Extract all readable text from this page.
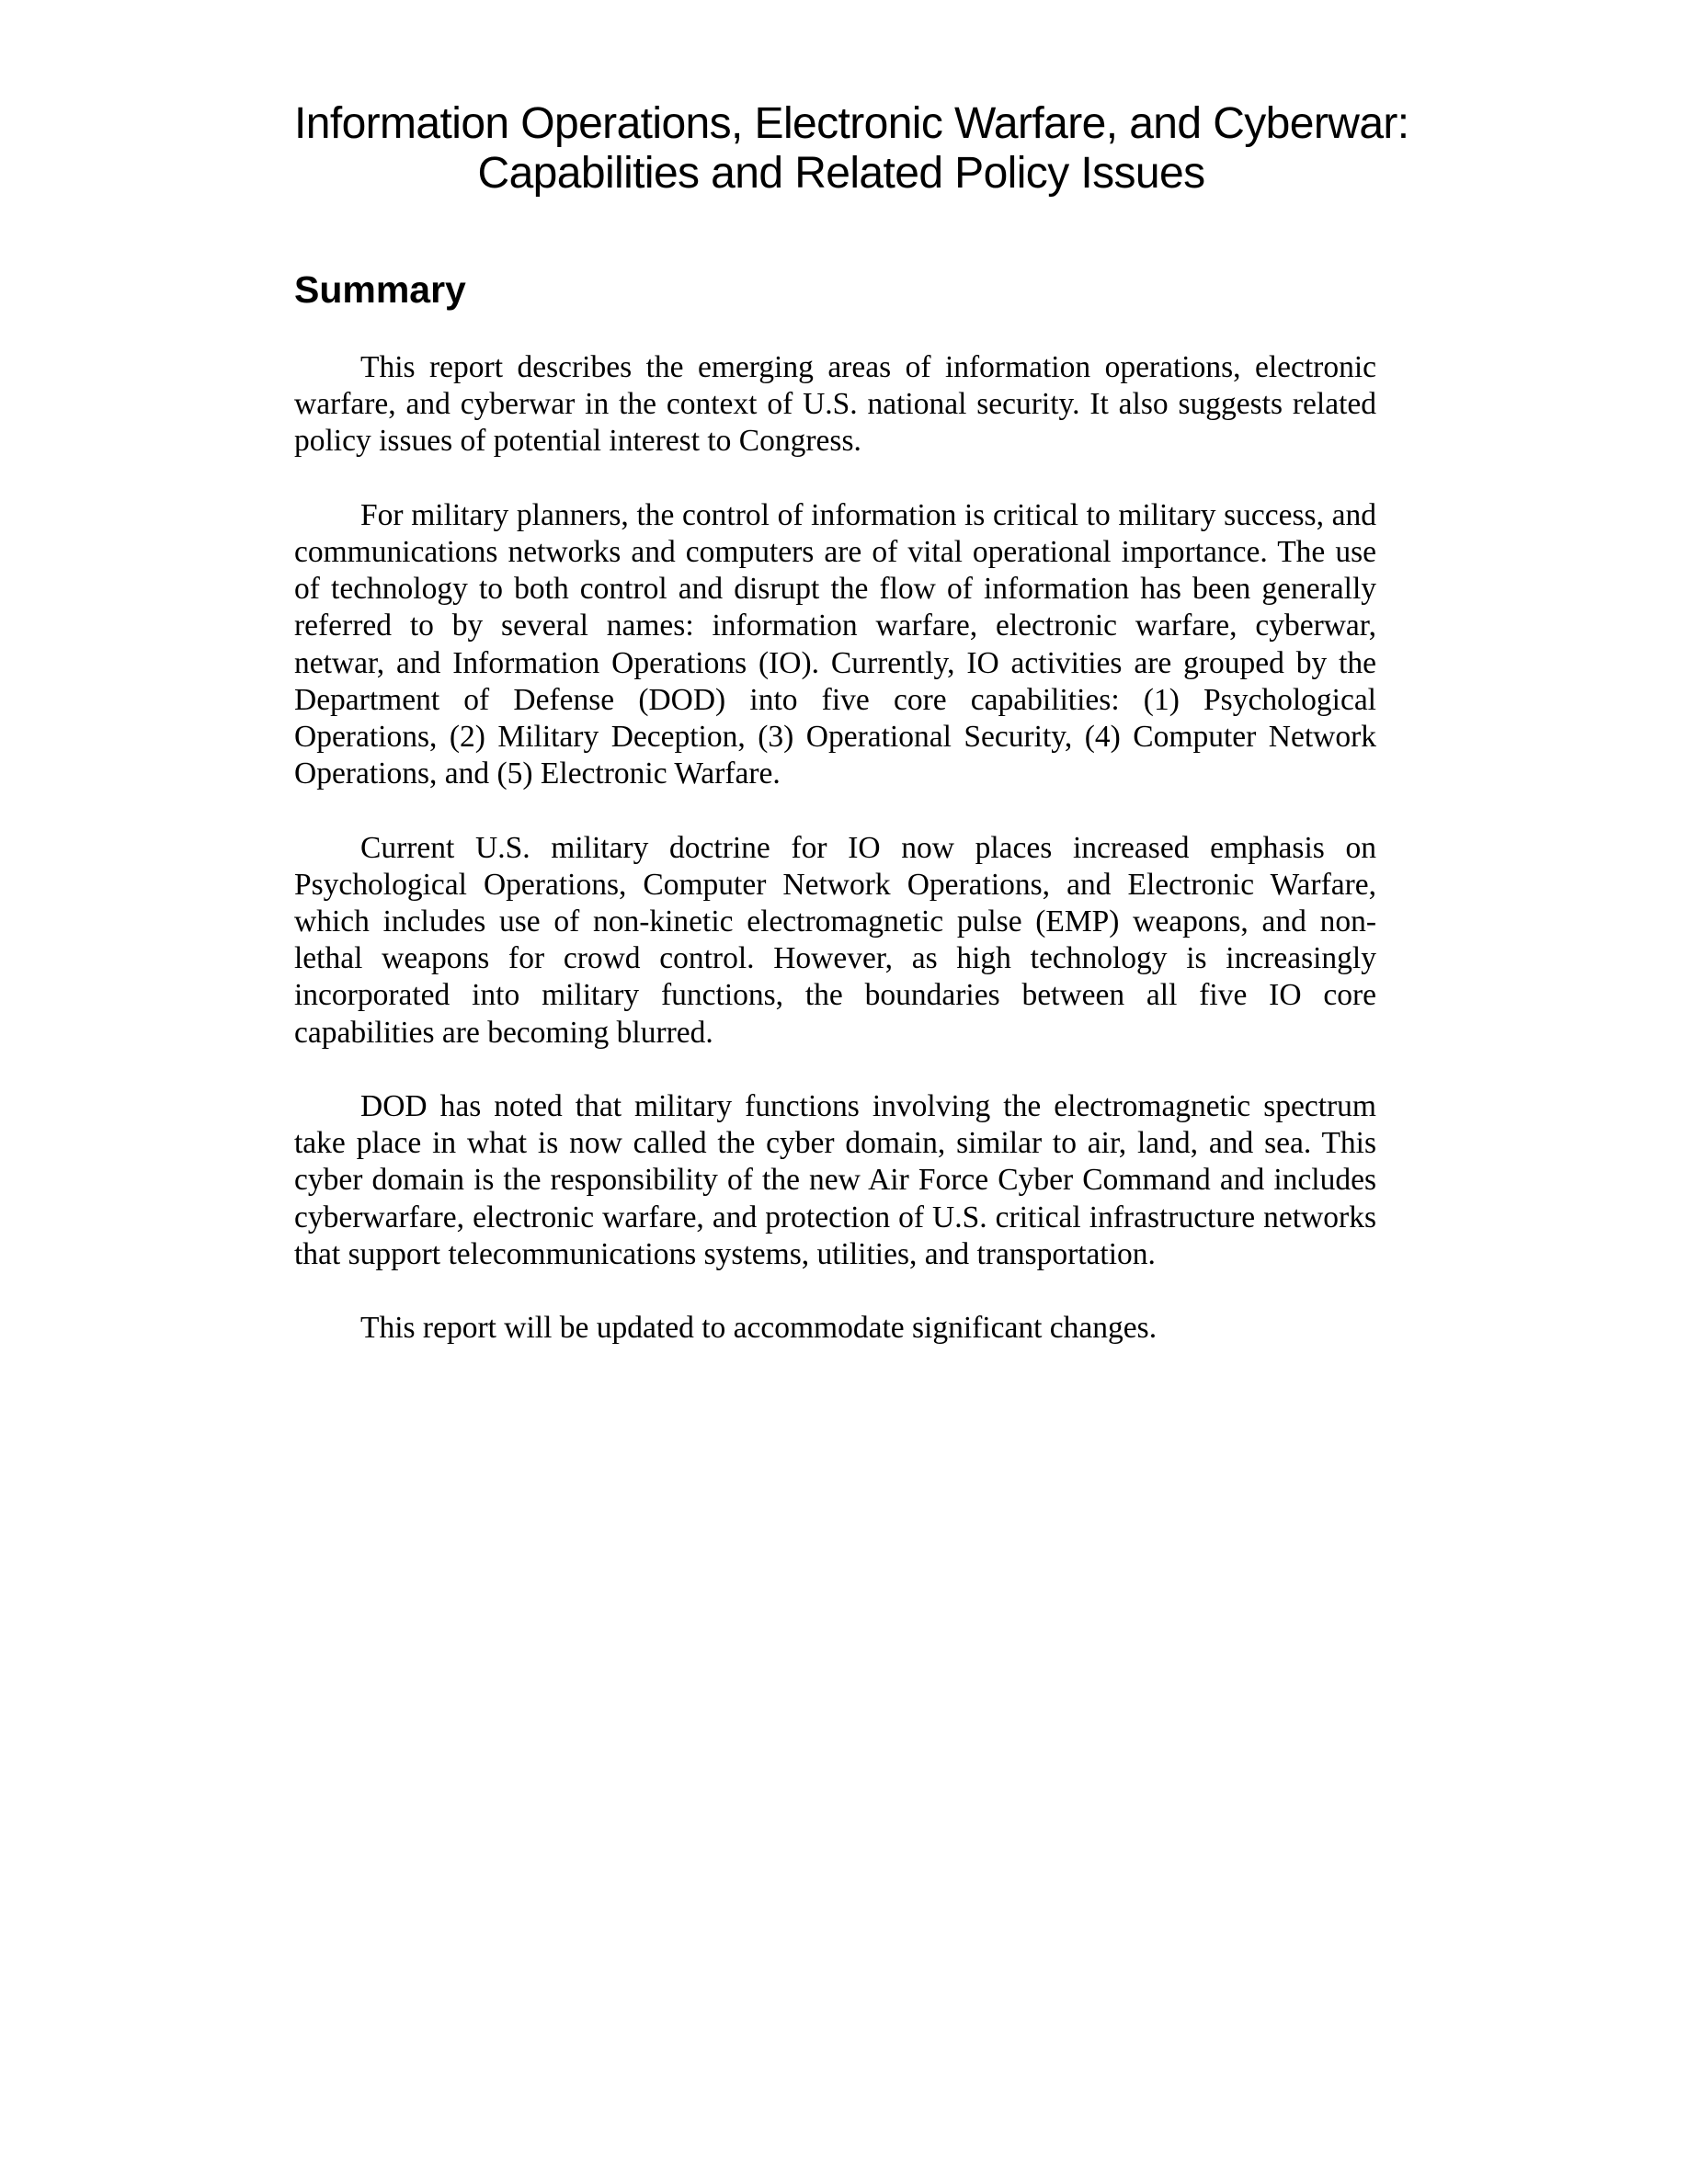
Information Operations, Electronic Warfare, and Cyberwar:
Capabilities and Related Policy Issues
Summary

This report describes the emerging areas of information operations, electronic warfare, and cyberwar in the context of U.S. national security. It also suggests related policy issues of potential interest to Congress.

For military planners, the control of information is critical to military success, and communications networks and computers are of vital operational importance. The use of technology to both control and disrupt the flow of information has been generally referred to by several names: information warfare, electronic warfare, cyberwar, netwar, and Information Operations (IO). Currently, IO activities are grouped by the Department of Defense (DOD) into five core capabilities: (1) Psychological Operations, (2) Military Deception, (3) Operational Security, (4) Computer Network Operations, and (5) Electronic Warfare.

Current U.S. military doctrine for IO now places increased emphasis on Psychological Operations, Computer Network Operations, and Electronic Warfare, which includes use of non-kinetic electromagnetic pulse (EMP) weapons, and non-lethal weapons for crowd control. However, as high technology is increasingly incorporated into military functions, the boundaries between all five IO core capabilities are becoming blurred.

DOD has noted that military functions involving the electromagnetic spectrum take place in what is now called the cyber domain, similar to air, land, and sea. This cyber domain is the responsibility of the new Air Force Cyber Command and includes cyberwarfare, electronic warfare, and protection of U.S. critical infrastructure networks that support telecommunications systems, utilities, and transportation.

This report will be updated to accommodate significant changes.
